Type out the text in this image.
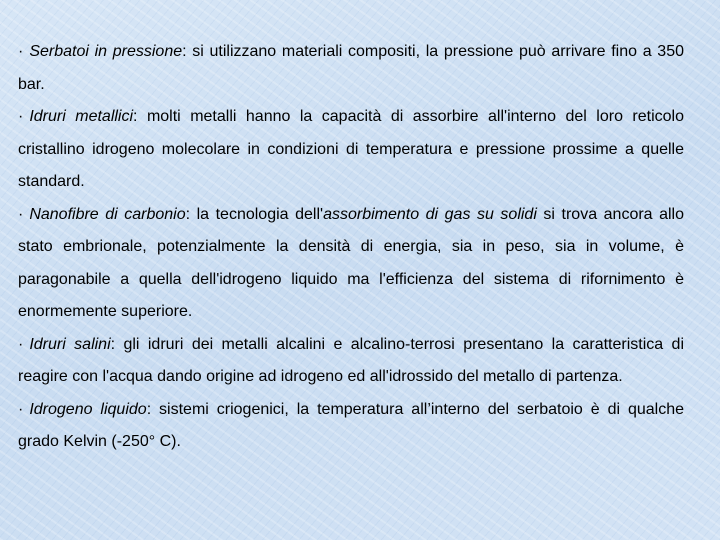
· Serbatoi in pressione: si utilizzano materiali compositi, la pressione può arrivare fino a 350 bar.

· Idruri metallici: molti metalli hanno la capacità di assorbire all'interno del loro reticolo cristallino idrogeno molecolare in condizioni di temperatura e pressione prossime a quelle standard.

· Nanofibre di carbonio: la tecnologia dell'assorbimento di gas su solidi si trova ancora allo stato embrionale, potenzialmente la densità di energia, sia in peso, sia in volume, è paragonabile a quella dell'idrogeno liquido ma l'efficienza del sistema di rifornimento è enormemente superiore.

· Idruri salini: gli idruri dei metalli alcalini e alcalino-terrosi presentano la caratteristica di reagire con l'acqua dando origine ad idrogeno ed all'idrossido del metallo di partenza.

· Idrogeno liquido: sistemi criogenici, la temperatura all’interno del serbatoio è di qualche grado Kelvin (-250° C).
